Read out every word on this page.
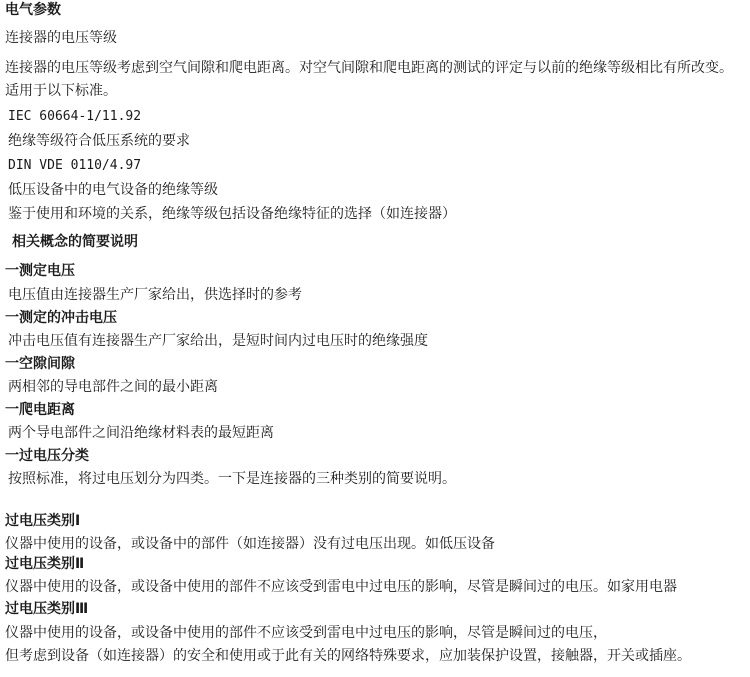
电气参数
连接器的电压等级
连接器的电压等级考虑到空气间隙和爬电距离。对空气间隙和爬电距离的测试的评定与以前的绝缘等级相比有所改变。适用于以下标准。
IEC 60664-1/11.92
绝缘等级符合低压系统的要求
DIN VDE 0110/4.97
低压设备中的电气设备的绝缘等级
鉴于使用和环境的关系，绝缘等级包括设备绝缘特征的选择（如连接器）
相关概念的简要说明
一测定电压
电压值由连接器生产厂家给出，供选择时的参考
一测定的冲击电压
冲击电压值有连接器生产厂家给出，是短时间内过电压时的绝缘强度
一空隙间隙
两相邻的导电部件之间的最小距离
一爬电距离
两个导电部件之间沿绝缘材料表的最短距离
一过电压分类
按照标准，将过电压划分为四类。一下是连接器的三种类别的简要说明。
过电压类别Ⅰ
仪器中使用的设备，或设备中的部件（如连接器）没有过电压出现。如低压设备
过电压类别Ⅱ
仪器中使用的设备，或设备中使用的部件不应该受到雷电中过电压的影响，尽管是瞬间过的电压。如家用电器
过电压类别Ⅲ
仪器中使用的设备，或设备中使用的部件不应该受到雷电中过电压的影响，尽管是瞬间过的电压，
但考虑到设备（如连接器）的安全和使用或于此有关的网络特殊要求，应加装保护设置，接触器，开关或插座。
